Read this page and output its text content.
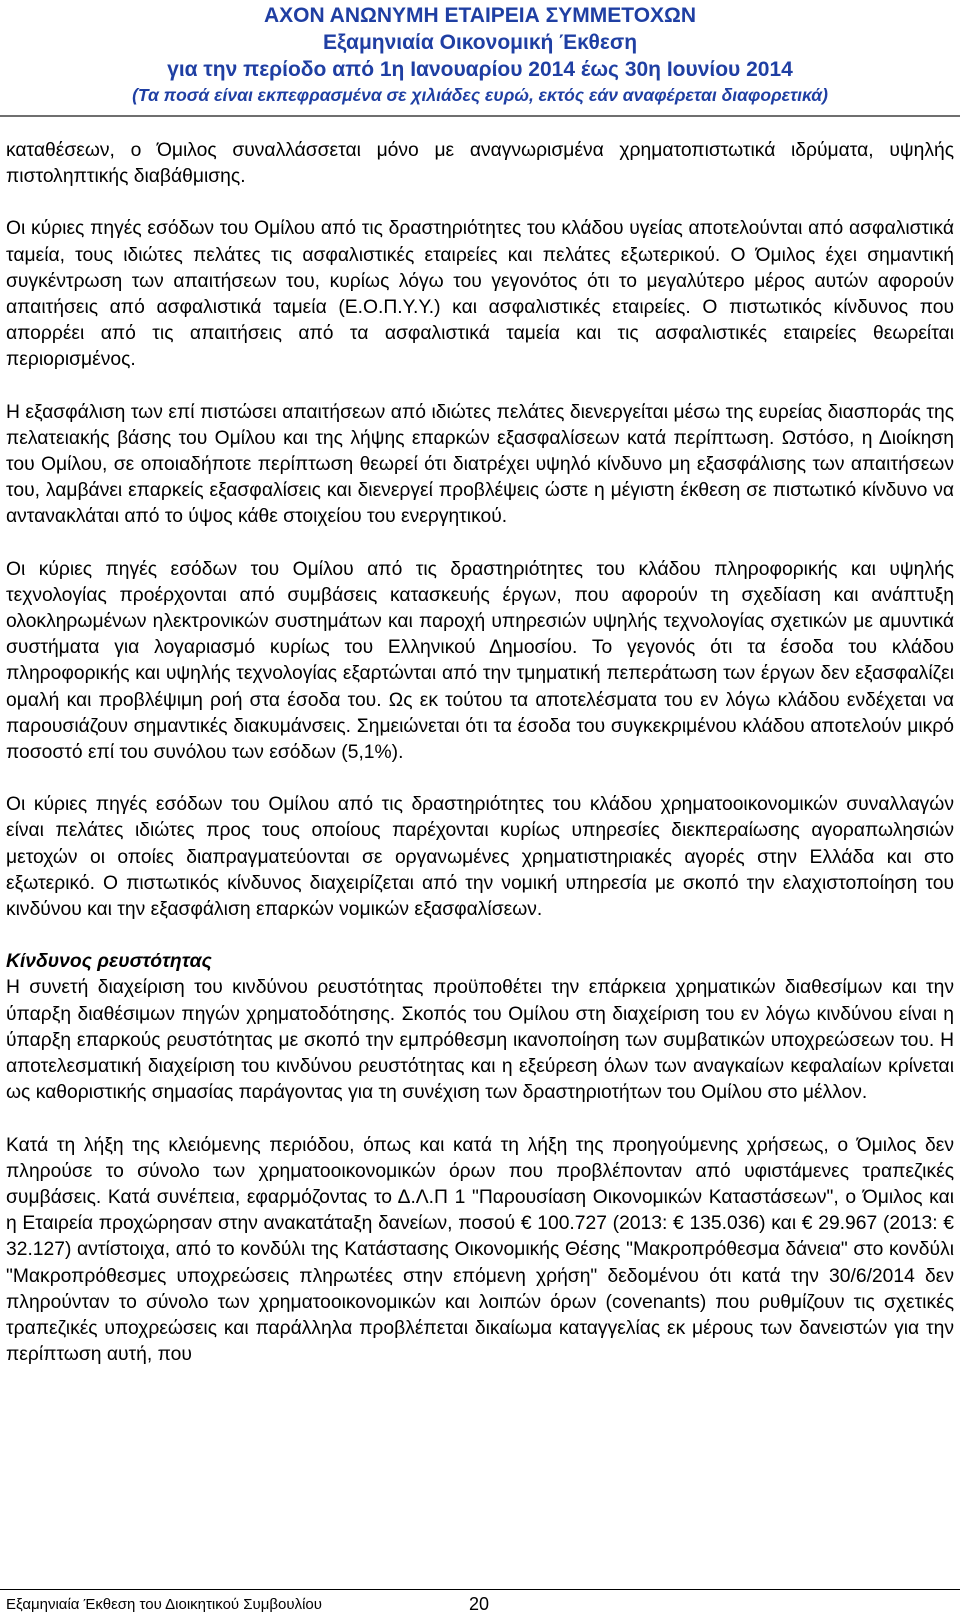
ΑΧΟΝ ΑΝΩΝΥΜΗ ΕΤΑΙΡΕΙΑ ΣΥΜΜΕΤΟΧΩΝ
Εξαμηνιαία Οικονομική Έκθεση
για την περίοδο από 1η Ιανουαρίου 2014 έως 30η Ιουνίου 2014
(Τα ποσά είναι εκπεφρασμένα σε χιλιάδες ευρώ, εκτός εάν αναφέρεται διαφορετικά)

καταθέσεων, ο Όμιλος συναλλάσσεται μόνο με αναγνωρισμένα χρηματοπιστωτικά ιδρύματα, υψηλής πιστοληπτικής διαβάθμισης.

Οι κύριες πηγές εσόδων του Ομίλου από τις δραστηριότητες του κλάδου υγείας αποτελούνται από ασφαλιστικά ταμεία, τους ιδιώτες πελάτες τις ασφαλιστικές εταιρείες και πελάτες εξωτερικού. Ο Όμιλος έχει σημαντική συγκέντρωση των απαιτήσεων του, κυρίως λόγω του γεγονότος ότι το μεγαλύτερο μέρος αυτών αφορούν απαιτήσεις από ασφαλιστικά ταμεία (Ε.Ο.Π.Υ.Υ.) και ασφαλιστικές εταιρείες. Ο πιστωτικός κίνδυνος που απορρέει από τις απαιτήσεις από τα ασφαλιστικά ταμεία και τις ασφαλιστικές εταιρείες θεωρείται περιορισμένος.

Η εξασφάλιση των επί πιστώσει απαιτήσεων από ιδιώτες πελάτες διενεργείται μέσω της ευρείας διασποράς της πελατειακής βάσης του Ομίλου και της λήψης επαρκών εξασφαλίσεων κατά περίπτωση. Ωστόσο, η Διοίκηση του Ομίλου, σε οποιαδήποτε περίπτωση θεωρεί ότι διατρέχει υψηλό κίνδυνο μη εξασφάλισης των απαιτήσεων του, λαμβάνει επαρκείς εξασφαλίσεις και διενεργεί προβλέψεις ώστε η μέγιστη έκθεση σε πιστωτικό κίνδυνο να αντανακλάται από το ύψος κάθε στοιχείου του ενεργητικού.

Οι κύριες πηγές εσόδων του Ομίλου από τις δραστηριότητες του κλάδου πληροφορικής και υψηλής τεχνολογίας προέρχονται από συμβάσεις κατασκευής έργων, που αφορούν τη σχεδίαση και ανάπτυξη ολοκληρωμένων ηλεκτρονικών συστημάτων και παροχή υπηρεσιών υψηλής τεχνολογίας σχετικών με αμυντικά συστήματα για λογαριασμό κυρίως του Ελληνικού Δημοσίου. Το γεγονός ότι τα έσοδα του κλάδου πληροφορικής και υψηλής τεχνολογίας εξαρτώνται από την τμηματική πεπεράτωση των έργων δεν εξασφαλίζει ομαλή και προβλέψιμη ροή στα έσοδα του. Ως εκ τούτου τα αποτελέσματα του εν λόγω κλάδου ενδέχεται να παρουσιάζουν σημαντικές διακυμάνσεις. Σημειώνεται ότι τα έσοδα του συγκεκριμένου κλάδου αποτελούν μικρό ποσοστό επί του συνόλου των εσόδων (5,1%).

Οι κύριες πηγές εσόδων του Ομίλου από τις δραστηριότητες του κλάδου χρηματοοικονομικών συναλλαγών είναι πελάτες ιδιώτες προς τους οποίους παρέχονται κυρίως υπηρεσίες διεκπεραίωσης αγοραπωλησιών μετοχών οι οποίες διαπραγματεύονται σε οργανωμένες χρηματιστηριακές αγορές στην Ελλάδα και στο εξωτερικό. Ο πιστωτικός κίνδυνος διαχειρίζεται από την νομική υπηρεσία με σκοπό την ελαχιστοποίηση του κινδύνου και την εξασφάλιση επαρκών νομικών εξασφαλίσεων.

Κίνδυνος ρευστότητας

Η συνετή διαχείριση του κινδύνου ρευστότητας προϋποθέτει την επάρκεια χρηματικών διαθεσίμων και την ύπαρξη διαθέσιμων πηγών χρηματοδότησης. Σκοπός του Ομίλου στη διαχείριση του εν λόγω κινδύνου είναι η ύπαρξη επαρκούς ρευστότητας με σκοπό την εμπρόθεσμη ικανοποίηση των συμβατικών υποχρεώσεων του. Η αποτελεσματική διαχείριση του κινδύνου ρευστότητας και η εξεύρεση όλων των αναγκαίων κεφαλαίων κρίνεται ως καθοριστικής σημασίας παράγοντας για τη συνέχιση των δραστηριοτήτων του Ομίλου στο μέλλον.

Κατά τη λήξη της κλειόμενης περιόδου, όπως και κατά τη λήξη της προηγούμενης χρήσεως, ο Όμιλος δεν πληρούσε το σύνολο των χρηματοοικονομικών όρων που προβλέπονταν από υφιστάμενες τραπεζικές συμβάσεις. Κατά συνέπεια, εφαρμόζοντας το Δ.Λ.Π 1 "Παρουσίαση Οικονομικών Καταστάσεων", ο Όμιλος και η Εταιρεία προχώρησαν στην ανακατάταξη δανείων, ποσού € 100.727 (2013: € 135.036) και € 29.967 (2013: € 32.127) αντίστοιχα, από το κονδύλι της Κατάστασης Οικονομικής Θέσης "Μακροπρόθεσμα δάνεια" στο κονδύλι "Μακροπρόθεσμες υποχρεώσεις πληρωτέες στην επόμενη χρήση" δεδομένου ότι κατά την 30/6/2014 δεν πληρούνταν το σύνολο των χρηματοοικονομικών και λοιπών όρων (covenants) που ρυθμίζουν τις σχετικές τραπεζικές υποχρεώσεις και παράλληλα προβλέπεται δικαίωμα καταγγελίας εκ μέρους των δανειστών για την περίπτωση αυτή, που

Εξαμηνιαία Έκθεση του Διοικητικού Συμβουλίου	20
